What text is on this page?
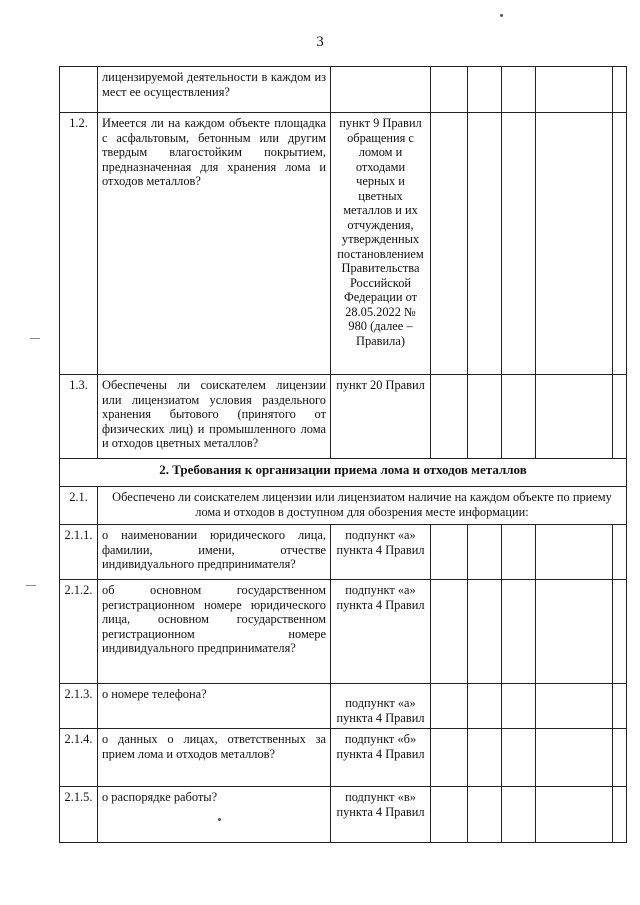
3
	лицензируемой деятельности в каждом из мест ее осуществления?						
1.2.	Имеется ли на каждом объекте площадка с асфальтовым, бетонным или другим твердым влагостойким покрытием, предназначенная для хранения лома и отходов металлов?	пункт 9 Правил обращения с ломом и отходами черных и цветных металлов и их отчуждения, утвержденных постановлением Правительства Российской Федерации от 28.05.2022 № 980 (далее – Правила)					
1.3.	Обеспечены ли соискателем лицензии или лицензиатом условия раздельного хранения бытового (принятого от физических лиц) и промышленного лома и отходов цветных металлов?	пункт 20 Правил					
2. Требования к организации приема лома и отходов металлов							
2.1.	Обеспечено ли соискателем лицензии или лицензиатом наличие на каждом объекте по приему лома и отходов в доступном для обозрения месте информации:						
2.1.1.	о наименовании юридического лица, фамилии, имени, отчестве индивидуального предпринимателя?	подпункт «а» пункта 4 Правил					
2.1.2.	об основном государственном регистрационном номере юридического лица, основном государственном регистрационном номере индивидуального предпринимателя?	подпункт «а» пункта 4 Правил					
2.1.3.	о номере телефона?	подпункт «а» пункта 4 Правил					
2.1.4.	о данных о лицах, ответственных за прием лома и отходов металлов?	подпункт «б» пункта 4 Правил					
2.1.5.	о распорядке работы?	подпункт «в» пункта 4 Правил					
